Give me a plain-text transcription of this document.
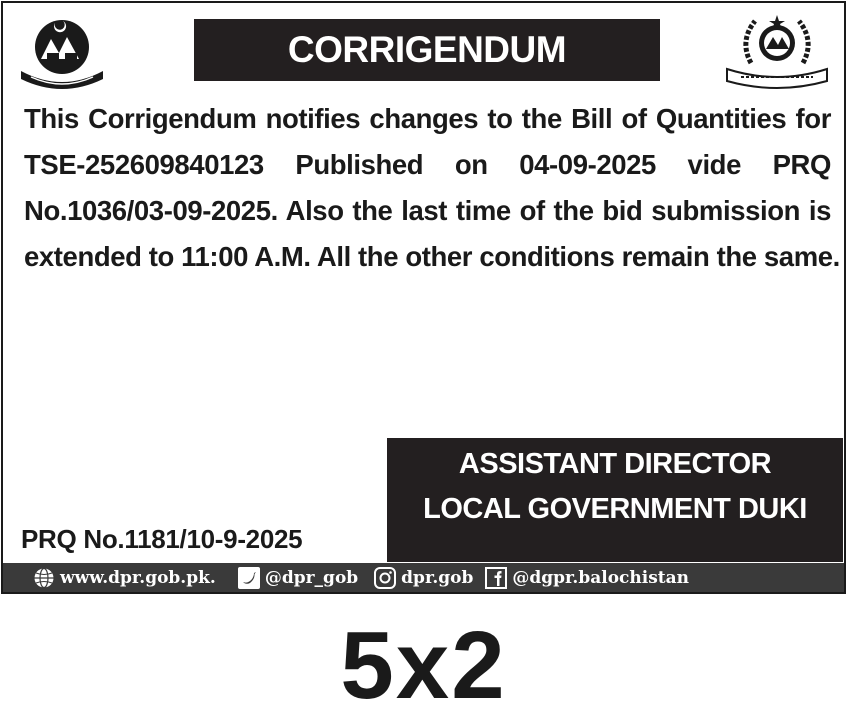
CORRIGENDUM
This Corrigendum notifies changes to the Bill of Quantities for
TSE-252609840123 Published on 04-09-2025 vide PRQ
No.1036/03-09-2025. Also the last time of the bid submission is
extended to 11:00 A.M. All the other conditions remain the same.
ASSISTANT DIRECTOR
LOCAL GOVERNMENT DUKI
PRQ No.1181/10-9-2025
www.dpr.gob.pk.	@dpr_gob	dpr.gob @dgpr.balochistan
5x2
